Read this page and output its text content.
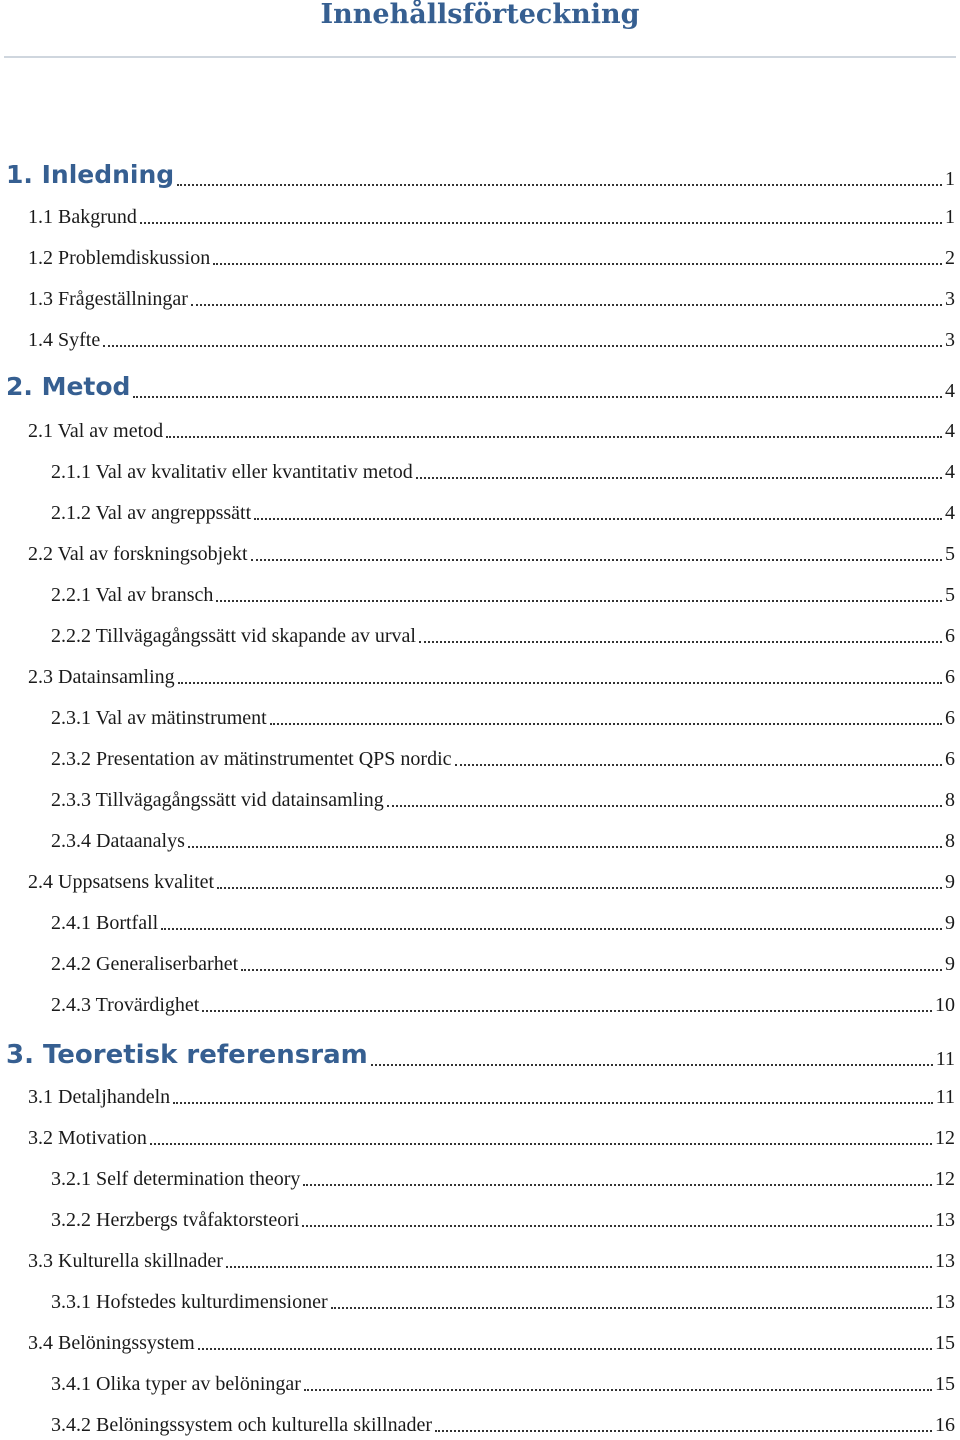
Innehållsförteckning
1. Inledning	1
1.1 Bakgrund	1
1.2 Problemdiskussion	2
1.3 Frågeställningar	3
1.4 Syfte	3
2. Metod	4
2.1 Val av metod	4
2.1.1 Val av kvalitativ eller kvantitativ metod	4
2.1.2 Val av angreppssätt	4
2.2 Val av forskningsobjekt	5
2.2.1 Val av bransch	5
2.2.2 Tillvägagångssätt vid skapande av urval	6
2.3 Datainsamling	6
2.3.1 Val av mätinstrument	6
2.3.2 Presentation av mätinstrumentet QPS nordic	6
2.3.3 Tillvägagångssätt vid datainsamling	8
2.3.4 Dataanalys	8
2.4 Uppsatsens kvalitet	9
2.4.1 Bortfall	9
2.4.2 Generaliserbarhet	9
2.4.3 Trovärdighet	10
3. Teoretisk referensram	11
3.1 Detaljhandeln	11
3.2 Motivation	12
3.2.1 Self determination theory	12
3.2.2 Herzbergs tvåfaktorsteori	13
3.3 Kulturella skillnader	13
3.3.1 Hofstedes kulturdimensioner	13
3.4 Belöningssystem	15
3.4.1 Olika typer av belöningar	15
3.4.2 Belöningssystem och kulturella skillnader	16
